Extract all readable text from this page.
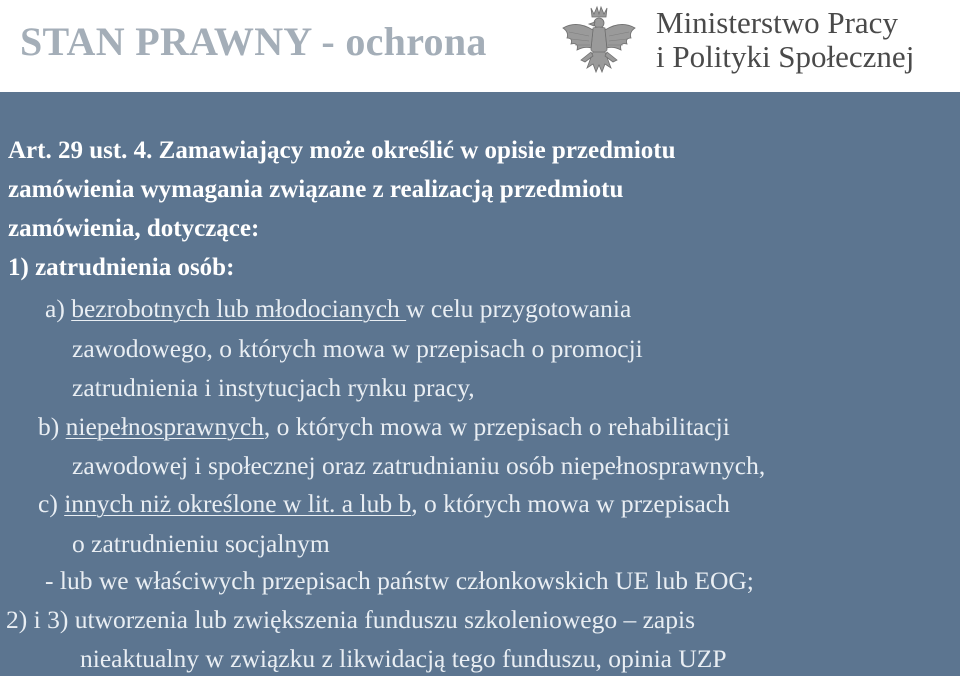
STAN PRAWNY - ochrona	Ministerstwo Pracy
i Polityki Społecznej
Art. 29 ust. 4. Zamawiający może określić w opisie przedmiotu
zamówienia wymagania związane z realizacją przedmiotu
zamówienia, dotyczące:
1) zatrudnienia osób:
a) bezrobotnych lub młodocianych w celu przygotowania
zawodowego, o których mowa w przepisach o promocji
zatrudnienia i instytucjach rynku pracy,
b) niepełnosprawnych, o których mowa w przepisach o rehabilitacji
zawodowej i społecznej oraz zatrudnianiu osób niepełnosprawnych,
c) innych niż określone w lit. a lub b, o których mowa w przepisach
o zatrudnieniu socjalnym
- lub we właściwych przepisach państw członkowskich UE lub EOG;
2) i 3) utworzenia lub zwiększenia funduszu szkoleniowego – zapis
nieaktualny w związku z likwidacją tego funduszu, opinia UZP
